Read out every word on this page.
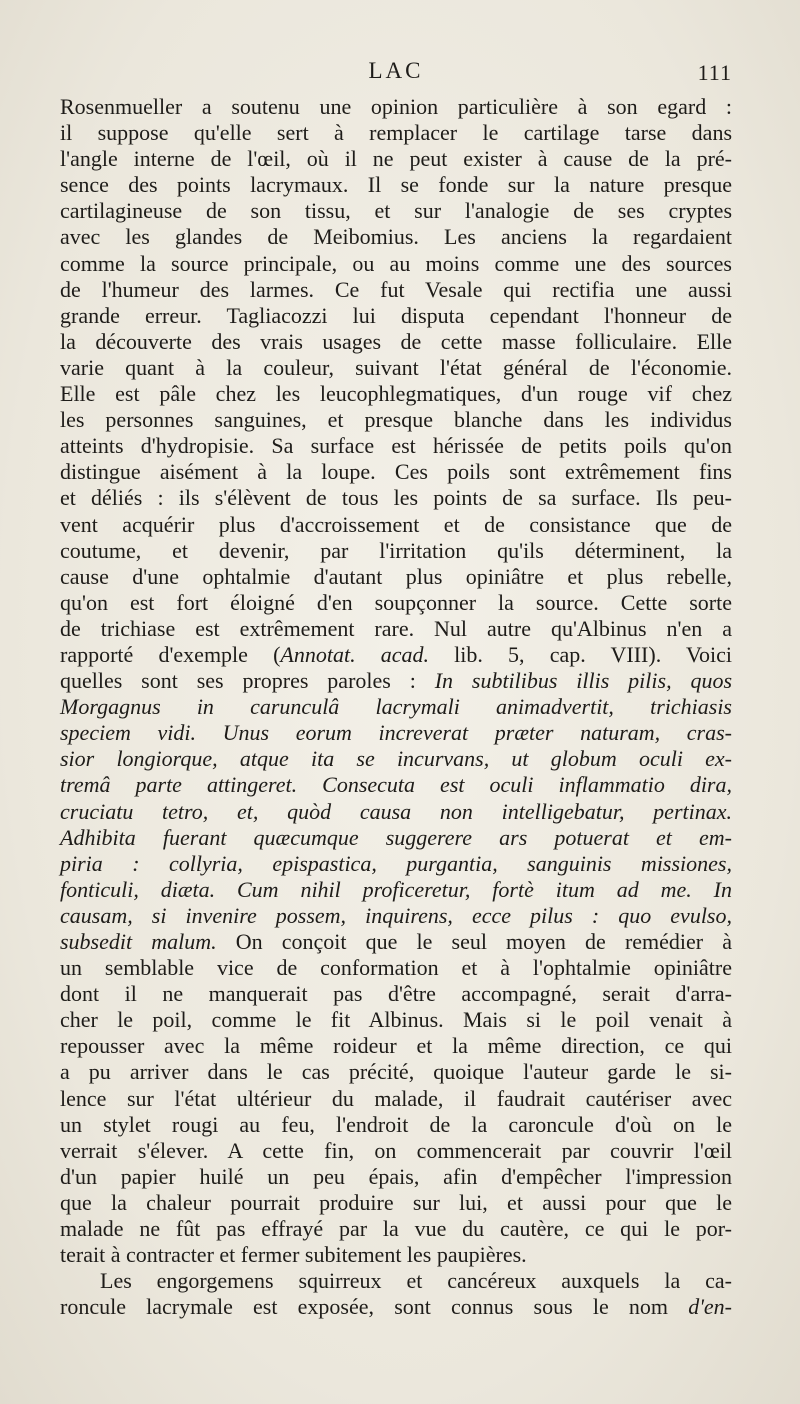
LAC	111
Rosenmueller a soutenu une opinion particulière à son egard :
il suppose qu'elle sert à remplacer le cartilage tarse dans
l'angle interne de l'œil, où il ne peut exister à cause de la pré-
sence des points lacrymaux. Il se fonde sur la nature presque
cartilagineuse de son tissu, et sur l'analogie de ses cryptes
avec les glandes de Meibomius. Les anciens la regardaient
comme la source principale, ou au moins comme une des sources
de l'humeur des larmes. Ce fut Vesale qui rectifia une aussi
grande erreur. Tagliacozzi lui disputa cependant l'honneur de
la découverte des vrais usages de cette masse folliculaire. Elle
varie quant à la couleur, suivant l'état général de l'économie.
Elle est pâle chez les leucophlegmatiques, d'un rouge vif chez
les personnes sanguines, et presque blanche dans les individus
atteints d'hydropisie. Sa surface est hérissée de petits poils qu'on
distingue aisément à la loupe. Ces poils sont extrêmement fins
et déliés : ils s'élèvent de tous les points de sa surface. Ils peu-
vent acquérir plus d'accroissement et de consistance que de
coutume, et devenir, par l'irritation qu'ils déterminent, la
cause d'une ophtalmie d'autant plus opiniâtre et plus rebelle,
qu'on est fort éloigné d'en soupçonner la source. Cette sorte
de trichiase est extrêmement rare. Nul autre qu'Albinus n'en a
rapporté d'exemple (Annotat. acad. lib. 5, cap. VIII). Voici
quelles sont ses propres paroles : In subtilibus illis pilis, quos
Morgagnus in carunculâ lacrymali animadvertit, trichiasis
speciem vidi. Unus eorum increverat præter naturam, cras-
sior longiorque, atque ita se incurvans, ut globum oculi ex-
tremâ parte attingeret. Consecuta est oculi inflammatio dira,
cruciatu tetro, et, quòd causa non intelligebatur, pertinax.
Adhibita fuerant quæcumque suggerere ars potuerat et em-
piria : collyria, epispastica, purgantia, sanguinis missiones,
fonticuli, diæta. Cum nihil proficeretur, fortè itum ad me. In
causam, si invenire possem, inquirens, ecce pilus : quo evulso,
subsedit malum. On conçoit que le seul moyen de remédier à
un semblable vice de conformation et à l'ophtalmie opiniâtre
dont il ne manquerait pas d'être accompagné, serait d'arra-
cher le poil, comme le fit Albinus. Mais si le poil venait à
repousser avec la même roideur et la même direction, ce qui
a pu arriver dans le cas précité, quoique l'auteur garde le si-
lence sur l'état ultérieur du malade, il faudrait cautériser avec
un stylet rougi au feu, l'endroit de la caroncule d'où on le
verrait s'élever. A cette fin, on commencerait par couvrir l'œil
d'un papier huilé un peu épais, afin d'empêcher l'impression
que la chaleur pourrait produire sur lui, et aussi pour que le
malade ne fût pas effrayé par la vue du cautère, ce qui le por-
terait à contracter et fermer subitement les paupières.
Les engorgemens squirreux et cancéreux auxquels la ca-
roncule lacrymale est exposée, sont connus sous le nom d'en-
